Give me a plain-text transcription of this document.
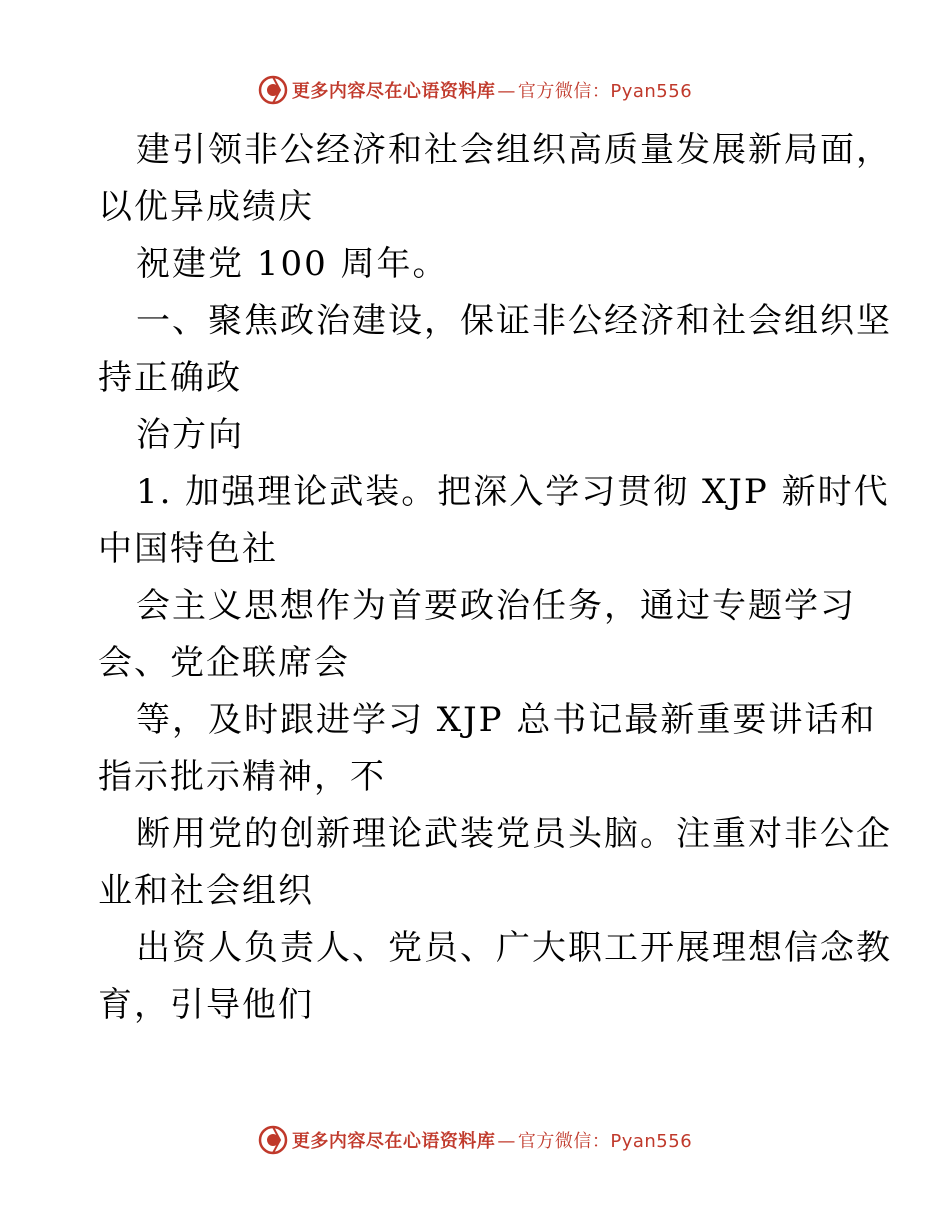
更多内容尽在心语资料库 — 官方微信：Pyan556
建引领非公经济和社会组织高质量发展新局面，
以优异成绩庆
祝建党 100 周年。
一、聚焦政治建设，保证非公经济和社会组织坚
持正确政
治方向
1. 加强理论武装。把深入学习贯彻 XJP 新时代
中国特色社
会主义思想作为首要政治任务，通过专题学习
会、党企联席会
等，及时跟进学习 XJP 总书记最新重要讲话和
指示批示精神，不
断用党的创新理论武装党员头脑。注重对非公企
业和社会组织
出资人负责人、党员、广大职工开展理想信念教
育，引导他们
更多内容尽在心语资料库 — 官方微信：Pyan556
